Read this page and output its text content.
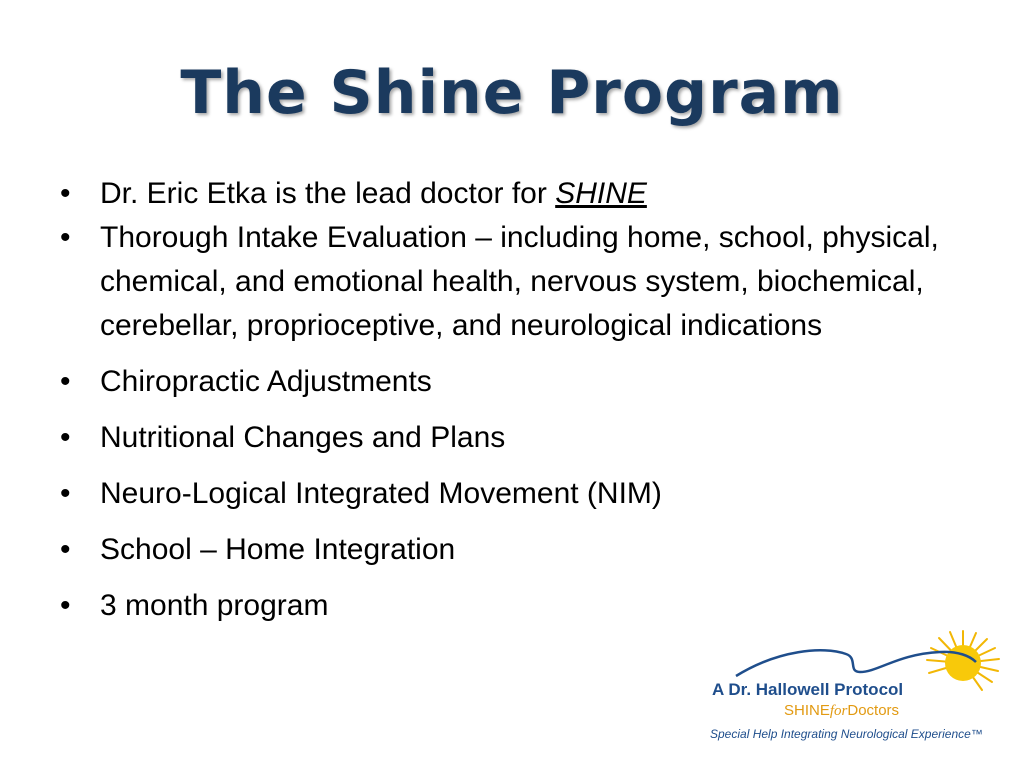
The Shine Program
• Dr. Eric Etka is the lead doctor for SHINE
• Thorough Intake Evaluation – including home, school, physical, chemical, and emotional health, nervous system, biochemical, cerebellar, proprioceptive, and neurological indications
• Chiropractic Adjustments
• Nutritional Changes and Plans
• Neuro-Logical Integrated Movement (NIM)
• School – Home Integration
• 3 month program
A Dr. Hallowell Protocol
SHINEforDoctors
Special Help Integrating Neurological Experience™
